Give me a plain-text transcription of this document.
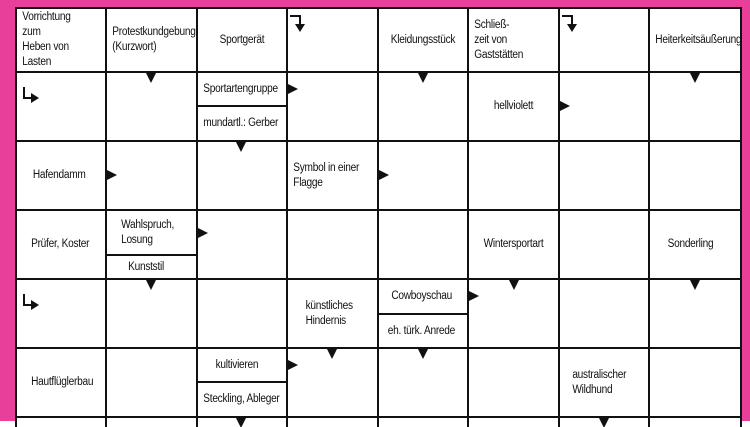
Vorrichtung zum
Heben von Lasten
Protestkundgebung
(Kurzwort)
Sportgerät	Kleidungsstück
Schließ-
zeit von Gaststätten
Heiterkeitsäußerung
Sportartengruppe
mundartl.: Gerber
hellviolett
Hafendamm
Symbol in einer
Flagge
Prüfer, Koster
Wahlspruch,
Losung
Kunststil
Wintersportart	Sonderling
künstliches
Hindernis
Cowboyschau
eh. türk. Anrede
Hautflüglerbau
kultivieren
Steckling, Ableger
australischer
Wildhund
